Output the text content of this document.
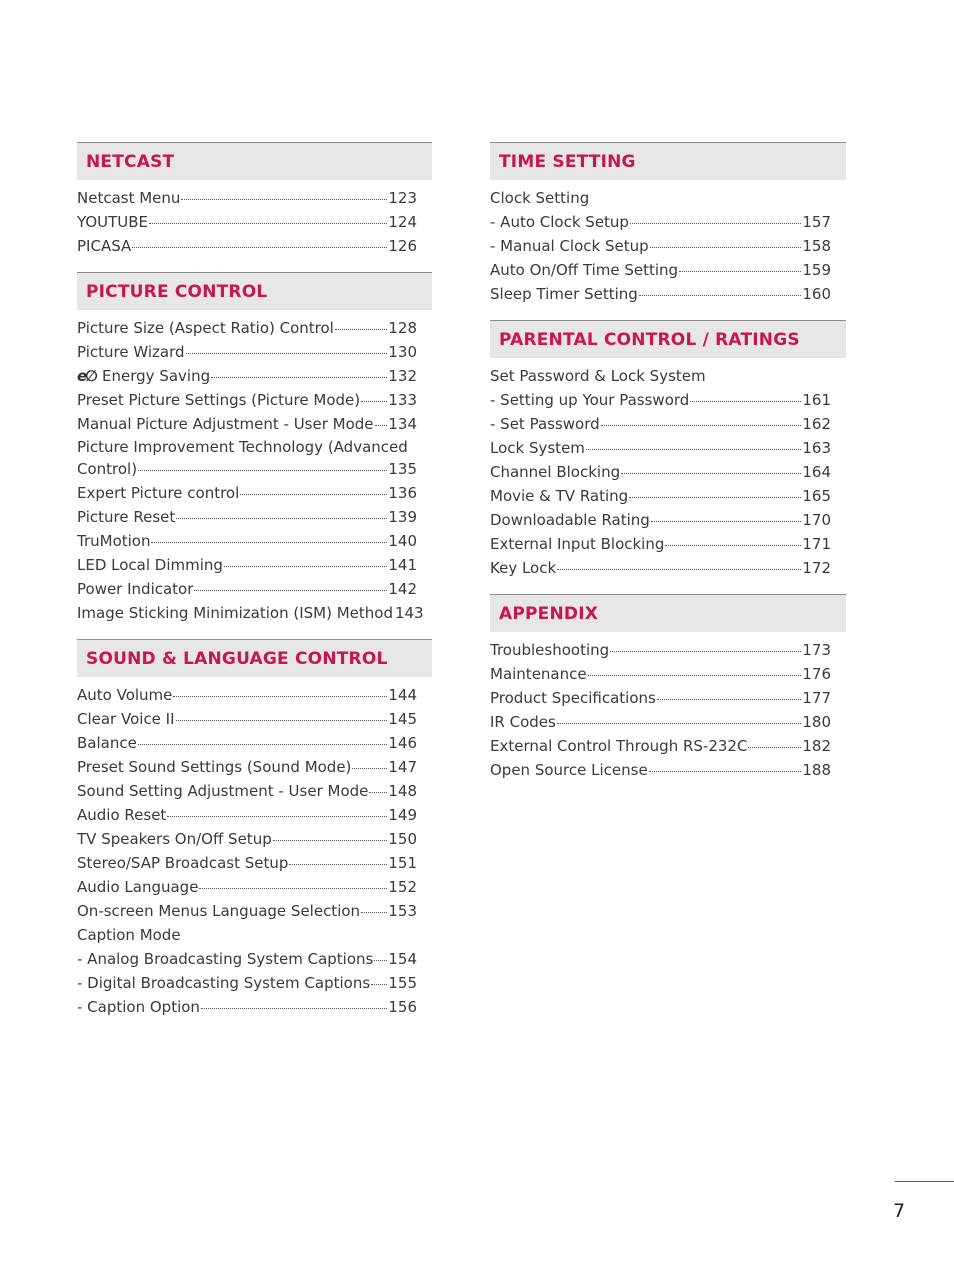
NETCAST
Netcast Menu	123
YOUTUBE	124
PICASA	126
PICTURE CONTROL
Picture Size (Aspect Ratio) Control	128
Picture Wizard	130
e∅ Energy Saving	132
Preset Picture Settings (Picture Mode) 133
Manual Picture Adjustment - User Mode 134
Picture Improvement Technology (Advanced
Control)	135
Expert Picture control	136
Picture Reset	139
TruMotion	140
LED Local Dimming	141
Power Indicator	142
Image Sticking Minimization (ISM) Method 143
SOUND & LANGUAGE CONTROL
Auto Volume	144
Clear Voice II	145
Balance	146
Preset Sound Settings (Sound Mode) 147
Sound Setting Adjustment - User Mode 148
Audio Reset	149
TV Speakers On/Off Setup	150
Stereo/SAP Broadcast Setup	151
Audio Language	152
On-screen Menus Language Selection 153
Caption Mode
- Analog Broadcasting System Captions 154
- Digital Broadcasting System Captions 155
- Caption Option	156
TIME SETTING
Clock Setting
- Auto Clock Setup	157
- Manual Clock Setup	158
Auto On/Off Time Setting	159
Sleep Timer Setting	160
PARENTAL CONTROL / RATINGS
Set Password & Lock System
- Setting up Your Password	161
- Set Password	162
Lock System	163
Channel Blocking	164
Movie & TV Rating	165
Downloadable Rating	170
External Input Blocking	171
Key Lock	172
APPENDIX
Troubleshooting	173
Maintenance	176
Product Specifications	177
IR Codes	180
External Control Through RS-232C	182
Open Source License	188
7
